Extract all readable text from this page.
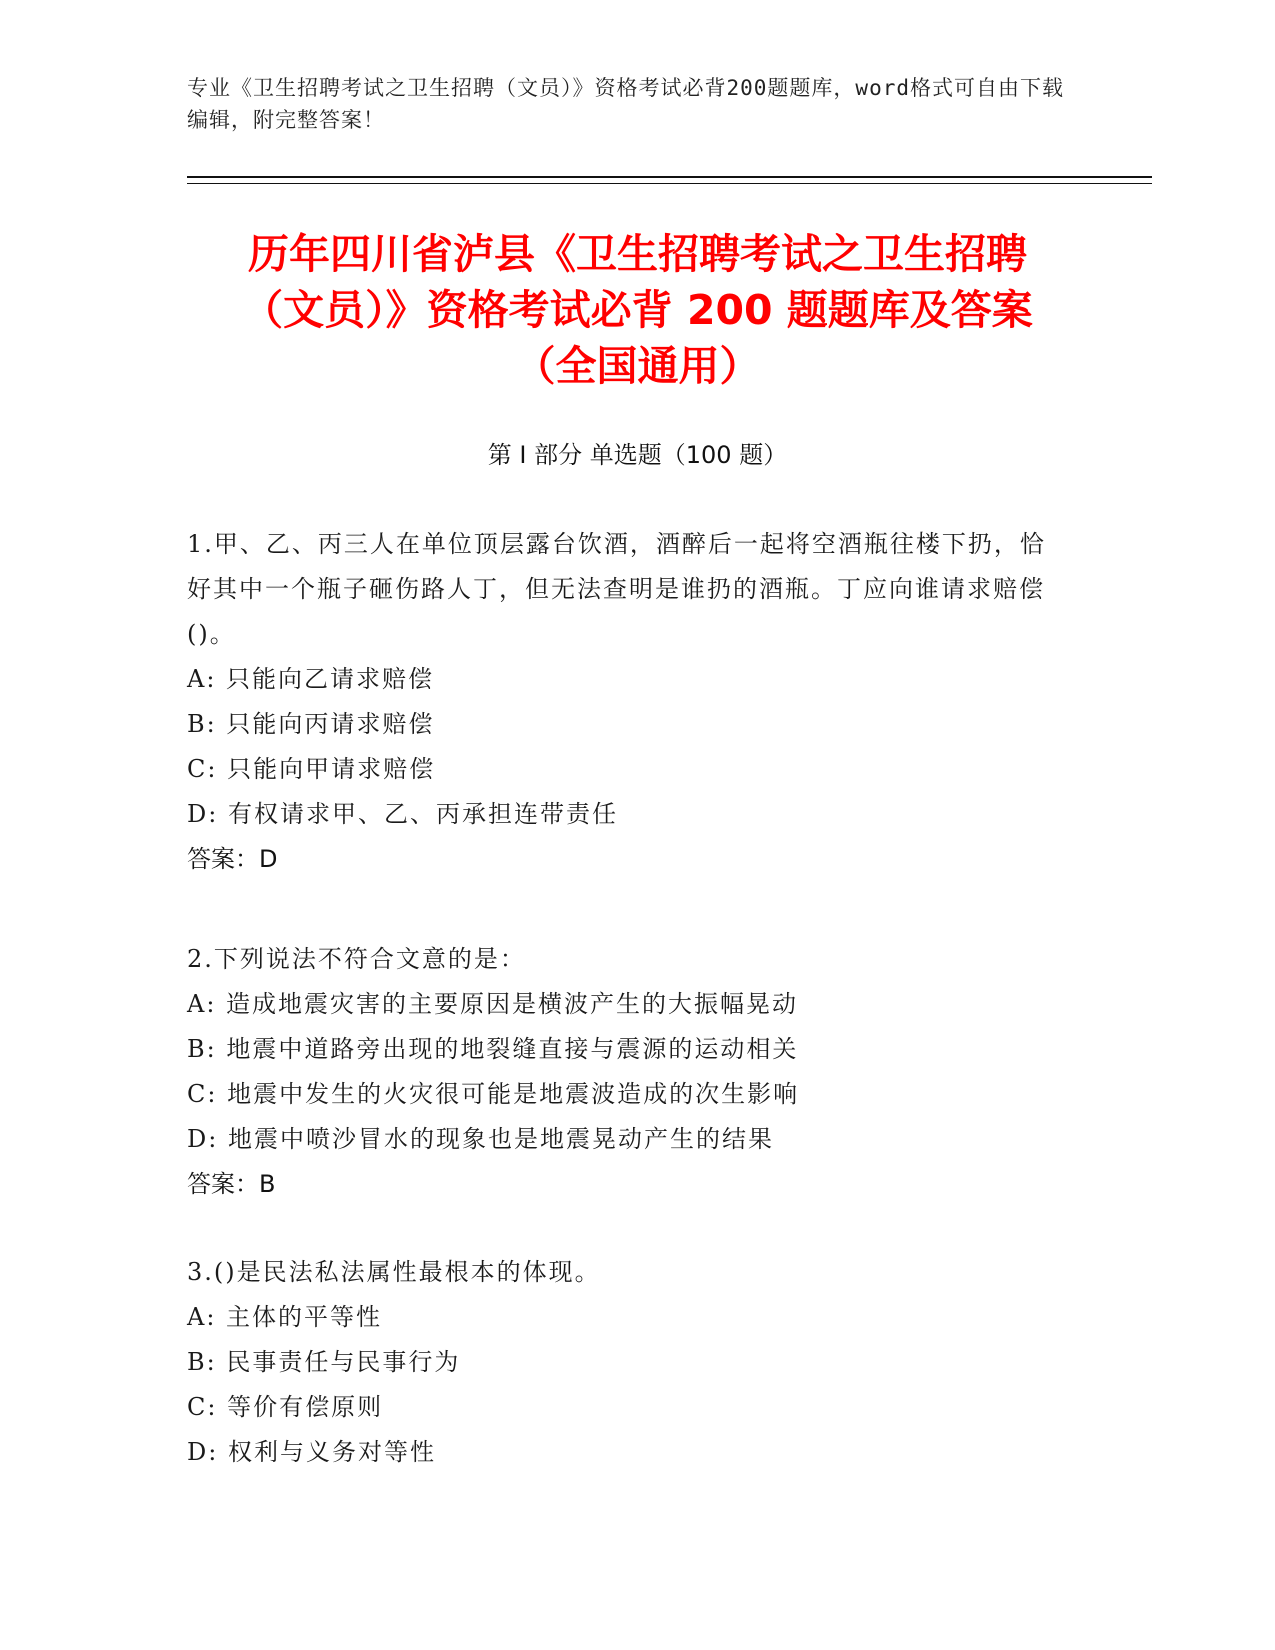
专业《卫生招聘考试之卫生招聘（文员）》资格考试必背200题题库，word格式可自由下载编辑，附完整答案！
历年四川省泸县《卫生招聘考试之卫生招聘
（文员）》资格考试必背 200 题题库及答案
（全国通用）
第 I 部分 单选题（100 题）

1.甲、乙、丙三人在单位顶层露台饮酒，酒醉后一起将空酒瓶往楼下扔，恰好其中一个瓶子砸伤路人丁，但无法查明是谁扔的酒瓶。丁应向谁请求赔偿()。

A: 只能向乙请求赔偿

B: 只能向丙请求赔偿

C: 只能向甲请求赔偿

D: 有权请求甲、乙、丙承担连带责任

答案：D

2.下列说法不符合文意的是：

A: 造成地震灾害的主要原因是横波产生的大振幅晃动

B: 地震中道路旁出现的地裂缝直接与震源的运动相关

C: 地震中发生的火灾很可能是地震波造成的次生影响

D: 地震中喷沙冒水的现象也是地震晃动产生的结果

答案：B

3.()是民法私法属性最根本的体现。

A: 主体的平等性

B: 民事责任与民事行为

C: 等价有偿原则

D: 权利与义务对等性
